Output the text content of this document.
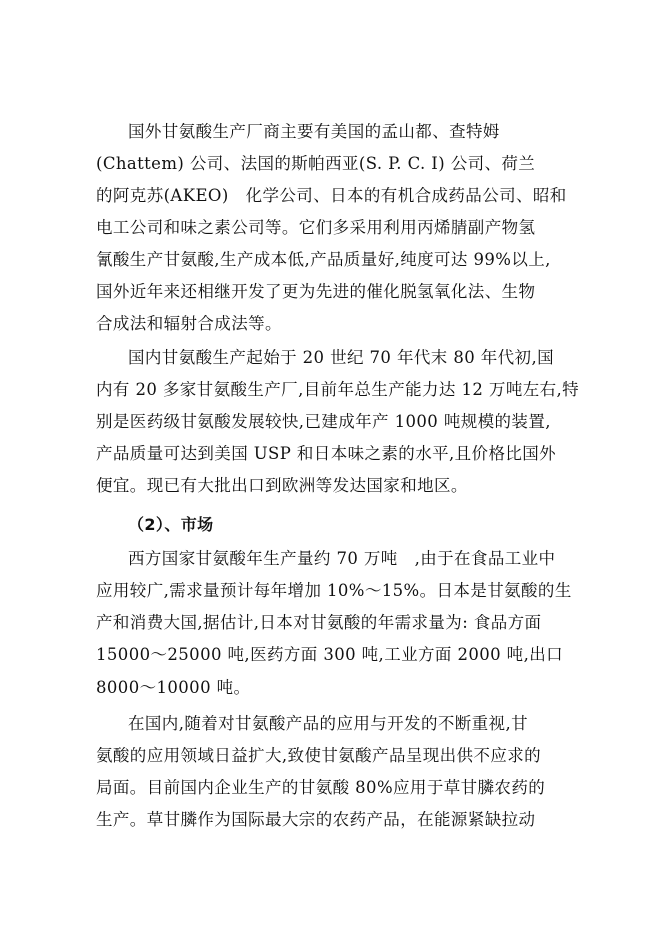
国外甘氨酸生产厂商主要有美国的孟山都、查特姆
(Chattem) 公司、法国的斯帕西亚(S. P. C. I) 公司、荷兰
的阿克苏(AKEO)　化学公司、日本的有机合成药品公司、昭和
电工公司和味之素公司等。它们多采用利用丙烯腈副产物氢
氰酸生产甘氨酸,生产成本低,产品质量好,纯度可达 99%以上,
国外近年来还相继开发了更为先进的催化脱氢氧化法、生物
合成法和辐射合成法等。
国内甘氨酸生产起始于 20 世纪 70 年代末 80 年代初,国
内有 20 多家甘氨酸生产厂,目前年总生产能力达 12 万吨左右,特
别是医药级甘氨酸发展较快,已建成年产 1000 吨规模的装置,
产品质量可达到美国 USP 和日本味之素的水平,且价格比国外
便宜。现已有大批出口到欧洲等发达国家和地区。
（2）、市场
西方国家甘氨酸年生产量约 70 万吨　,由于在食品工业中
应用较广,需求量预计每年增加 10%～15%。日本是甘氨酸的生
产和消费大国,据估计,日本对甘氨酸的年需求量为: 食品方面
15000～25000 吨,医药方面 300 吨,工业方面 2000 吨,出口
8000～10000 吨。
在国内,随着对甘氨酸产品的应用与开发的不断重视,甘
氨酸的应用领域日益扩大,致使甘氨酸产品呈现出供不应求的
局面。目前国内企业生产的甘氨酸 80%应用于草甘膦农药的
生产。草甘膦作为国际最大宗的农药产品，在能源紧缺拉动
